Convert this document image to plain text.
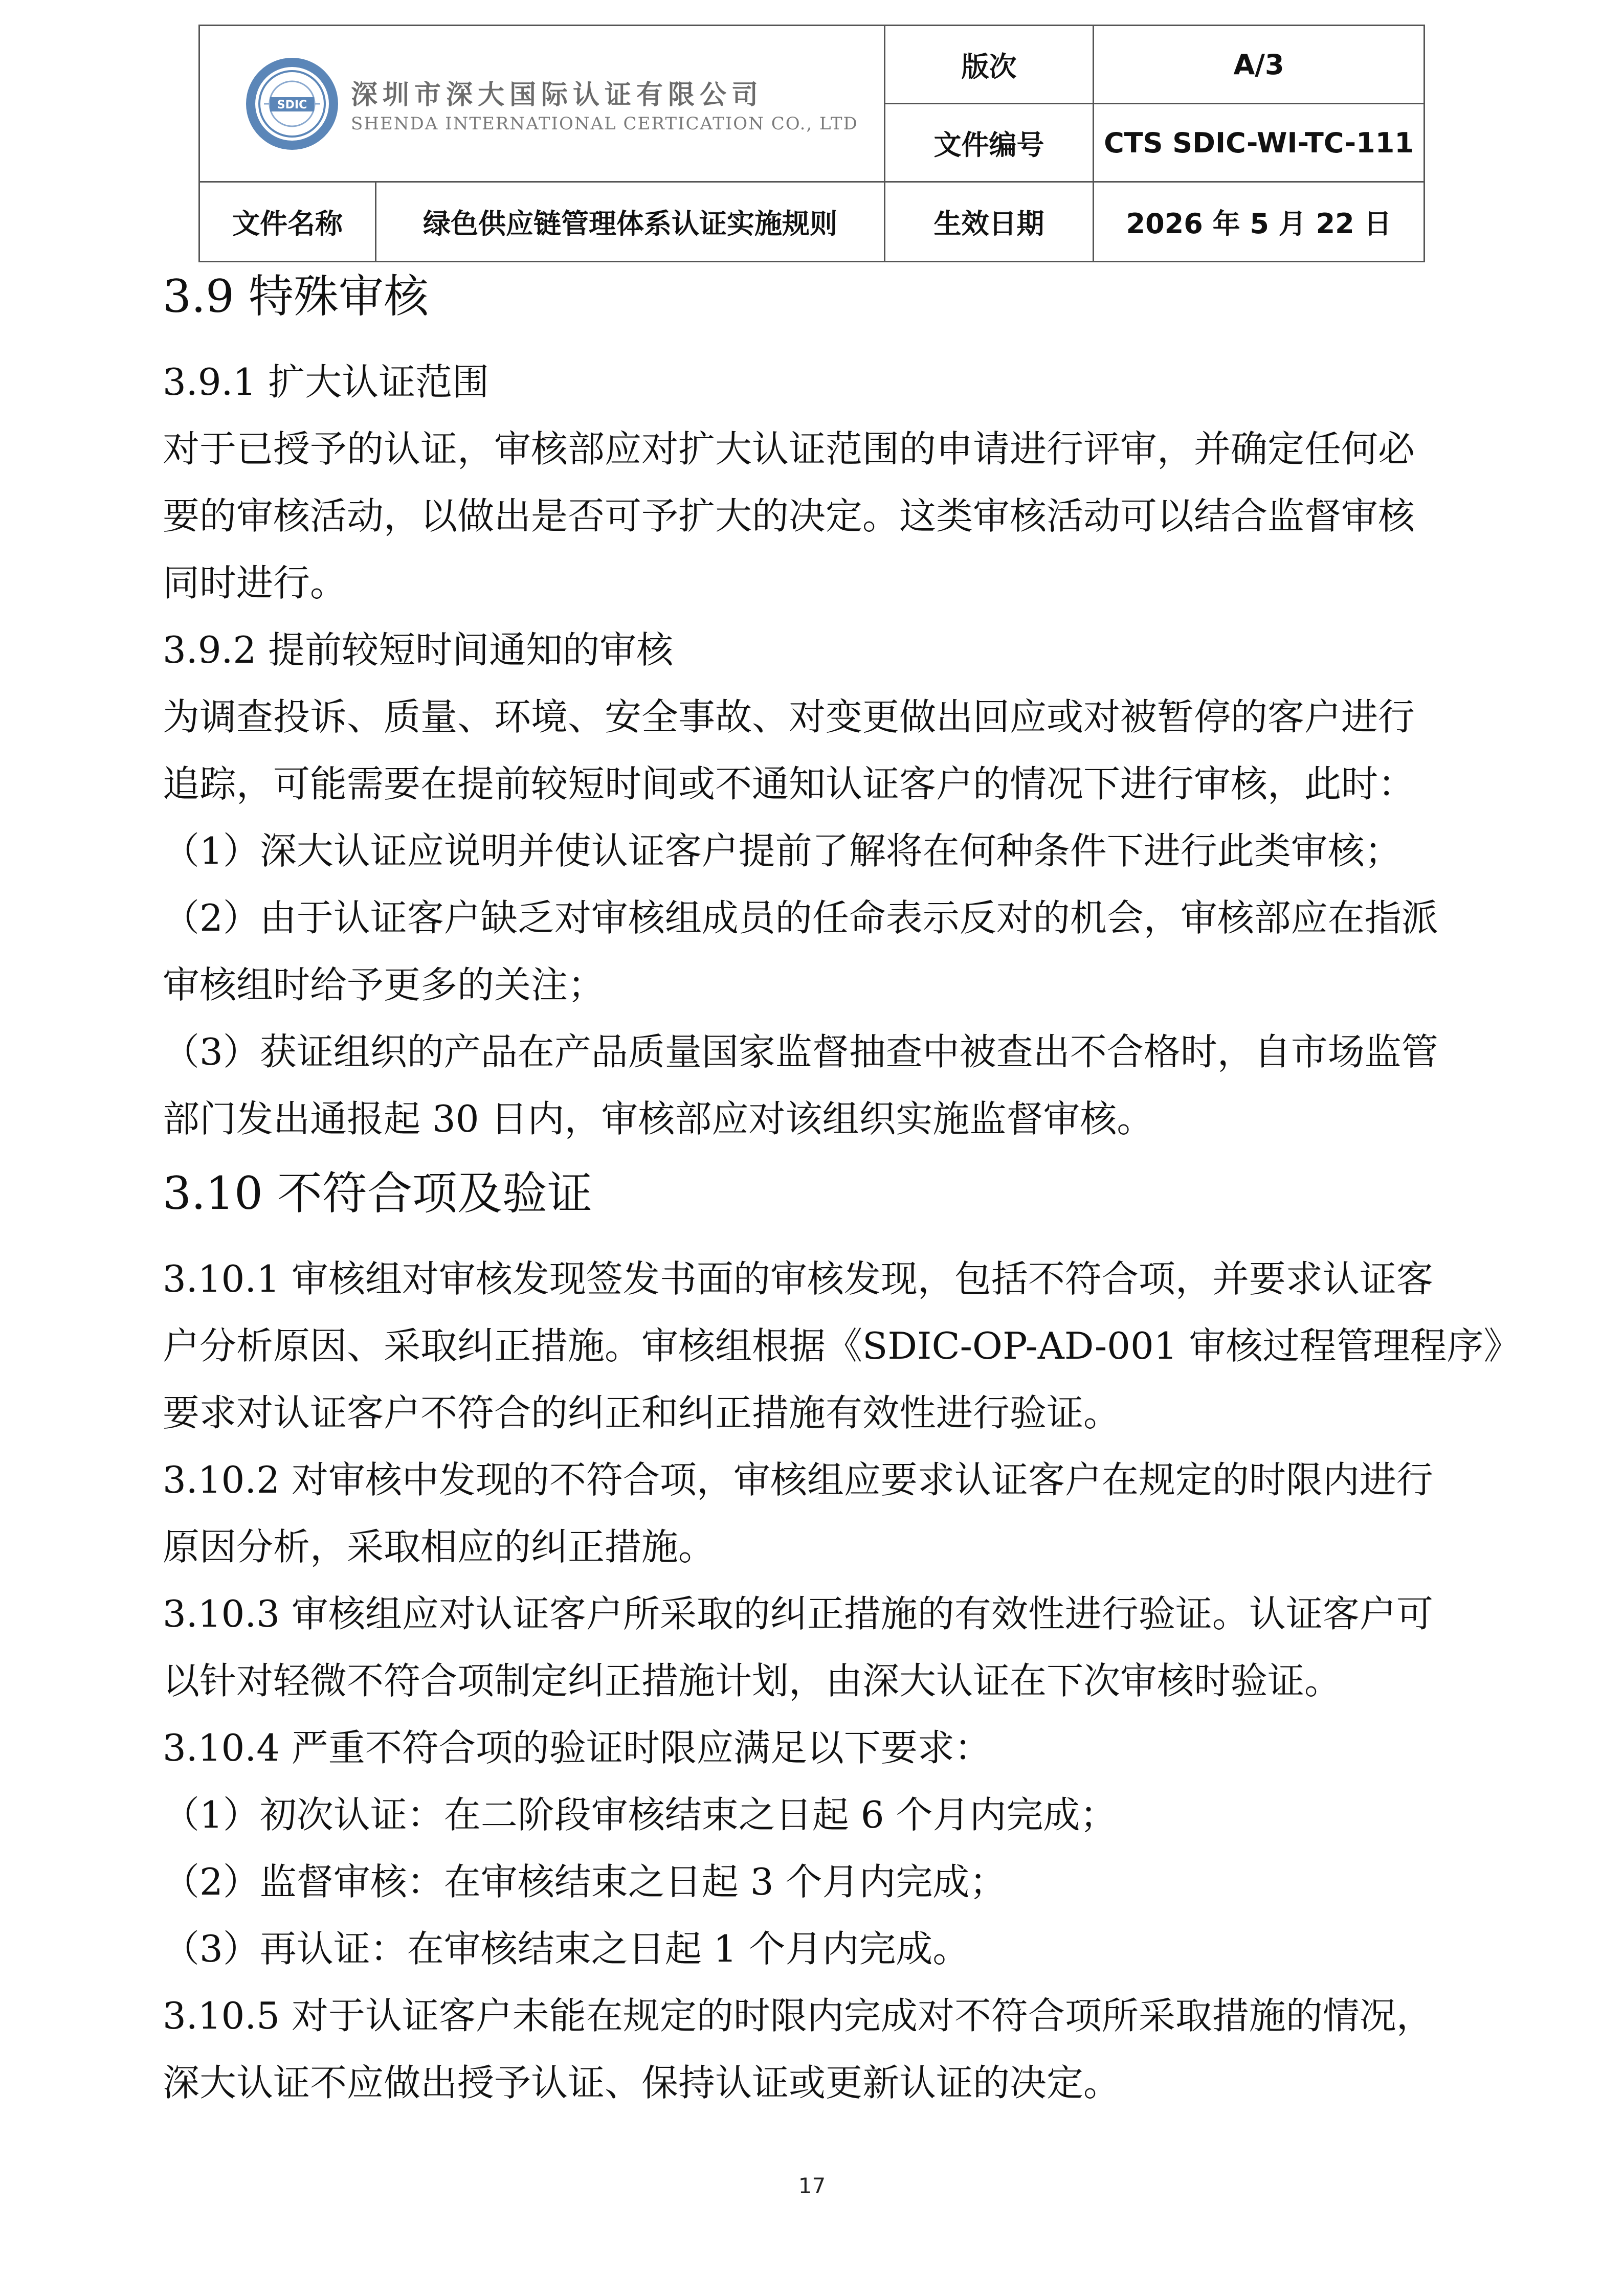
SDIC 深圳市深大国际认证有限公司
SHENDA INTERNATIONAL CERTICATION CO., LTD		版次	A/3
		文件编号	CTS SDIC-WI-TC-111
文件名称	绿色供应链管理体系认证实施规则	生效日期	2026 年 5 月 22 日
3.9 特殊审核

3.9.1 扩大认证范围

对于已授予的认证，审核部应对扩大认证范围的申请进行评审，并确定任何必

要的审核活动，以做出是否可予扩大的决定。这类审核活动可以结合监督审核

同时进行。

3.9.2 提前较短时间通知的审核

为调查投诉、质量、环境、安全事故、对变更做出回应或对被暂停的客户进行

追踪，可能需要在提前较短时间或不通知认证客户的情况下进行审核，此时：

（1）深大认证应说明并使认证客户提前了解将在何种条件下进行此类审核；

（2）由于认证客户缺乏对审核组成员的任命表示反对的机会，审核部应在指派

审核组时给予更多的关注；

（3）获证组织的产品在产品质量国家监督抽查中被查出不合格时，自市场监管

部门发出通报起 30 日内，审核部应对该组织实施监督审核。

3.10 不符合项及验证

3.10.1 审核组对审核发现签发书面的审核发现，包括不符合项，并要求认证客

户分析原因、采取纠正措施。审核组根据《SDIC-OP-AD-001 审核过程管理程序》

要求对认证客户不符合的纠正和纠正措施有效性进行验证。

3.10.2 对审核中发现的不符合项，审核组应要求认证客户在规定的时限内进行

原因分析，采取相应的纠正措施。

3.10.3 审核组应对认证客户所采取的纠正措施的有效性进行验证。认证客户可

以针对轻微不符合项制定纠正措施计划，由深大认证在下次审核时验证。

3.10.4 严重不符合项的验证时限应满足以下要求：

（1）初次认证：在二阶段审核结束之日起 6 个月内完成；

（2）监督审核：在审核结束之日起 3 个月内完成；

（3）再认证：在审核结束之日起 1 个月内完成。

3.10.5 对于认证客户未能在规定的时限内完成对不符合项所采取措施的情况，

深大认证不应做出授予认证、保持认证或更新认证的决定。

17
